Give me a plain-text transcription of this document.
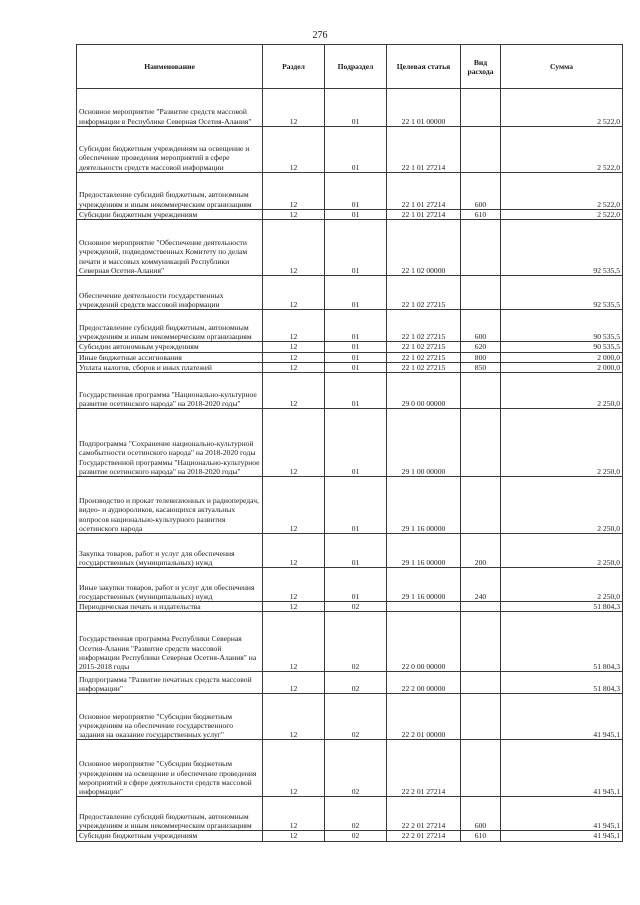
276
Наименование	Раздел	Подраздел	Целевая статья	Вид расхода	Сумма
Основное мероприятие "Развитие средств массовой информации в Республике Северная Осетия-Алания"	12	01	22 1 01 00000		2 522,0
Субсидии бюджетным учреждениям на освещение и обеспечение проведения мероприятий в сфере деятельности средств массовой информации	12	01	22 1 01 27214		2 522,0
Предоставление субсидий бюджетным, автономным учреждениям и иным некоммерческим организациям	12	01	22 1 01 27214	600	2 522,0
Субсидии бюджетным учреждениям	12	01	22 1 01 27214	610	2 522,0
Основное мероприятие "Обеспечение деятельности учреждений, подведомственных Комитету по делам печати и массовых коммуникаций Республики Северная Осетия-Алания"	12	01	22 1 02 00000		92 535,5
Обеспечение деятельности государственных учреждений средств массовой информации	12	01	22 1 02 27215		92 535,5
Предоставление субсидий бюджетным, автономным учреждениям и иным некоммерческим организациям	12	01	22 1 02 27215	600	90 535,5
Субсидии автономным учреждениям	12	01	22 1 02 27215	620	90 535,5
Иные бюджетные ассигнования	12	01	22 1 02 27215	800	2 000,0
Уплата налогов, сборов и иных платежей	12	01	22 1 02 27215	850	2 000,0
Государственная программа "Национально-культурное развитие осетинского народа" на 2018-2020 годы"	12	01	29 0 00 00000		2 250,0
Подпрограмма "Сохранение национально-культурной самобытности осетинского народа" на 2018-2020 годы Государственной программы "Национально-культурное развитие осетинского народа" на 2018-2020 годы"	12	01	29 1 00 00000		2 250,0
Производство и прокат телевизионных и радиопередач, видео- и аудиороликов, касающихся актуальных вопросов национально-культурного развития осетинского народа	12	01	29 1 16 00000		2 250,0
Закупка товаров, работ и услуг для обеспечения государственных (муниципальных) нужд	12	01	29 1 16 00000	200	2 250,0
Иные закупки товаров, работ и услуг для обеспечения государственных (муниципальных) нужд	12	01	29 1 16 00000	240	2 250,0
Периодическая печать и издательства	12	02			51 804,3
Государственная программа Республики Северная Осетия-Алания "Развитие средств массовой информации Республики Северная Осетия-Алания" на 2015-2018 годы	12	02	22 0 00 00000		51 804,3
Подпрограмма "Развитие печатных средств массовой информации"	12	02	22 2 00 00000		51 804,3
Основное мероприятие "Субсидии бюджетным учреждениям на обеспечение государственного задания на оказание государственных услуг"	12	02	22 2 01 00000		41 945,1
Основное мероприятие "Субсидии бюджетным учреждениям на освещение и обеспечение проведения мероприятий в сфере деятельности средств массовой информации"	12	02	22 2 01 27214		41 945,1
Предоставление субсидий бюджетным, автономным учреждениям и иным некоммерческим организациям	12	02	22 2 01 27214	600	41 945,1
Субсидии бюджетным учреждениям	12	02	22 2 01 27214	610	41 945,1
